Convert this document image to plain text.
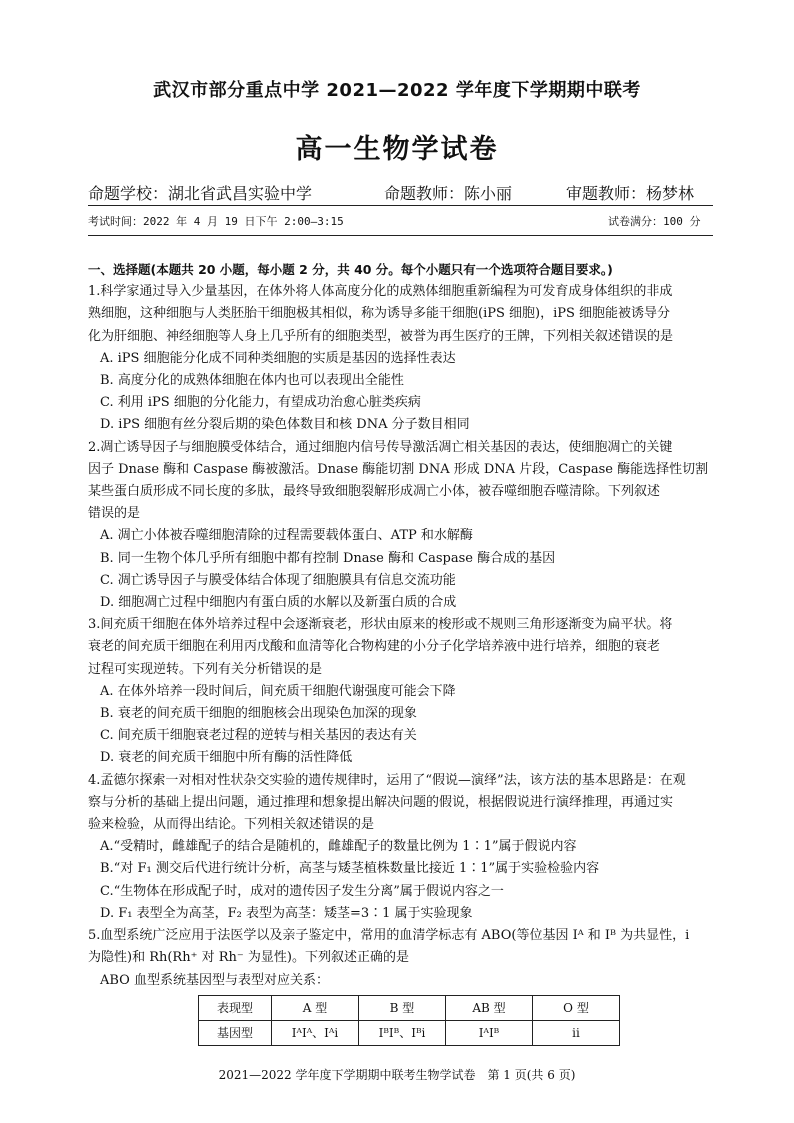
武汉市部分重点中学 2021—2022 学年度下学期期中联考
高一生物学试卷
命题学校：湖北省武昌实验中学	命题教师：陈小丽	审题教师：杨梦林
考试时间：2022 年 4 月 19 日下午 2:00—3:15	试卷满分：100 分
一、选择题(本题共 20 小题，每小题 2 分，共 40 分。每个小题只有一个选项符合题目要求。)
1.科学家通过导入少量基因，在体外将人体高度分化的成熟体细胞重新编程为可发育成身体组织的非成
熟细胞，这种细胞与人类胚胎干细胞极其相似，称为诱导多能干细胞(iPS 细胞)，iPS 细胞能被诱导分
化为肝细胞、神经细胞等人身上几乎所有的细胞类型，被誉为再生医疗的王牌，下列相关叙述错误的是
A. iPS 细胞能分化成不同种类细胞的实质是基因的选择性表达
B. 高度分化的成熟体细胞在体内也可以表现出全能性
C. 利用 iPS 细胞的分化能力，有望成功治愈心脏类疾病
D. iPS 细胞有丝分裂后期的染色体数目和核 DNA 分子数目相同
2.凋亡诱导因子与细胞膜受体结合，通过细胞内信号传导激活凋亡相关基因的表达，使细胞凋亡的关键
因子 Dnase 酶和 Caspase 酶被激活。Dnase 酶能切割 DNA 形成 DNA 片段，Caspase 酶能选择性切割
某些蛋白质形成不同长度的多肽，最终导致细胞裂解形成凋亡小体，被吞噬细胞吞噬清除。下列叙述
错误的是
A. 凋亡小体被吞噬细胞清除的过程需要载体蛋白、ATP 和水解酶
B. 同一生物个体几乎所有细胞中都有控制 Dnase 酶和 Caspase 酶合成的基因
C. 凋亡诱导因子与膜受体结合体现了细胞膜具有信息交流功能
D. 细胞凋亡过程中细胞内有蛋白质的水解以及新蛋白质的合成
3.间充质干细胞在体外培养过程中会逐渐衰老，形状由原来的梭形或不规则三角形逐渐变为扁平状。将
衰老的间充质干细胞在利用丙戊酸和血清等化合物构建的小分子化学培养液中进行培养，细胞的衰老
过程可实现逆转。下列有关分析错误的是
A. 在体外培养一段时间后，间充质干细胞代谢强度可能会下降
B. 衰老的间充质干细胞的细胞核会出现染色加深的现象
C. 间充质干细胞衰老过程的逆转与相关基因的表达有关
D. 衰老的间充质干细胞中所有酶的活性降低
4.孟德尔探索一对相对性状杂交实验的遗传规律时，运用了“假说—演绎”法，该方法的基本思路是：在观
察与分析的基础上提出问题，通过推理和想象提出解决问题的假说，根据假说进行演绎推理，再通过实
验来检验，从而得出结论。下列相关叙述错误的是
A.“受精时，雌雄配子的结合是随机的，雌雄配子的数量比例为 1∶1”属于假说内容
B.“对 F₁ 测交后代进行统计分析，高茎与矮茎植株数量比接近 1∶1”属于实验检验内容
C.“生物体在形成配子时，成对的遗传因子发生分离”属于假说内容之一
D. F₁ 表型全为高茎，F₂ 表型为高茎：矮茎=3∶1 属于实验现象
5.血型系统广泛应用于法医学以及亲子鉴定中，常用的血清学标志有 ABO(等位基因 Iᴬ 和 Iᴮ 为共显性，i
为隐性)和 Rh(Rh⁺ 对 Rh⁻ 为显性)。下列叙述正确的是
ABO 血型系统基因型与表型对应关系：
表现型	A 型	B 型	AB 型	O 型
基因型	IᴬIᴬ、Iᴬi	IᴮIᴮ、Iᴮi	IᴬIᴮ	ii
2021—2022 学年度下学期期中联考生物学试卷　第 1 页(共 6 页)
